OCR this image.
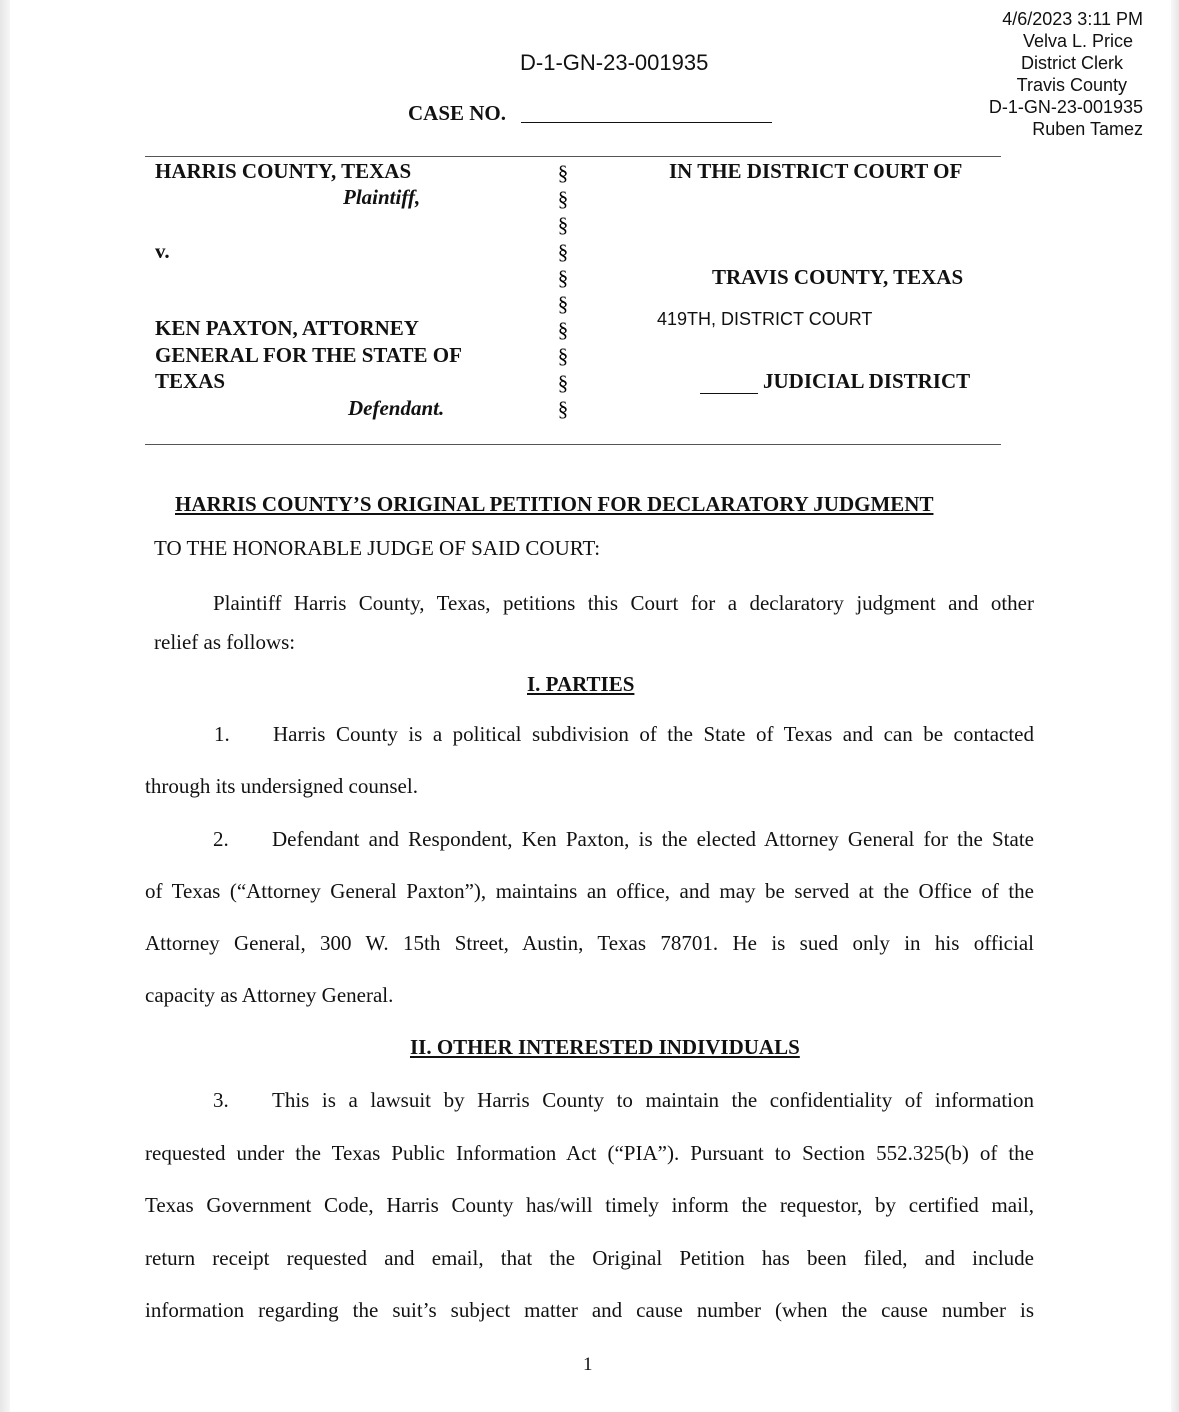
4/6/2023 3:11 PM
Velva L. Price
District Clerk
Travis County
D-1-GN-23-001935
Ruben Tamez
D-1-GN-23-001935
CASE NO.
HARRIS COUNTY, TEXAS
Plaintiff,
v.
KEN PAXTON, ATTORNEY
GENERAL FOR THE STATE OF
TEXAS
Defendant.
§
§
§
§
§
§
§
§
§
§
IN THE DISTRICT COURT OF
TRAVIS COUNTY, TEXAS
419TH, DISTRICT COURT
JUDICIAL DISTRICT
HARRIS COUNTY’S ORIGINAL PETITION FOR DECLARATORY JUDGMENT
TO THE HONORABLE JUDGE OF SAID COURT:
Plaintiff Harris County, Texas, petitions this Court for a declaratory judgment and other
relief as follows:
I. PARTIES
1. Harris County is a political subdivision of the State of Texas and can be contacted
through its undersigned counsel.
2. Defendant and Respondent, Ken Paxton, is the elected Attorney General for the State
of Texas (“Attorney General Paxton”), maintains an office, and may be served at the Office of the
Attorney General, 300 W. 15th Street, Austin, Texas 78701. He is sued only in his official
capacity as Attorney General.
II. OTHER INTERESTED INDIVIDUALS
3. This is a lawsuit by Harris County to maintain the confidentiality of information
requested under the Texas Public Information Act (“PIA”). Pursuant to Section 552.325(b) of the
Texas Government Code, Harris County has/will timely inform the requestor, by certified mail,
return receipt requested and email, that the Original Petition has been filed, and include
information regarding the suit’s subject matter and cause number (when the cause number is
1
